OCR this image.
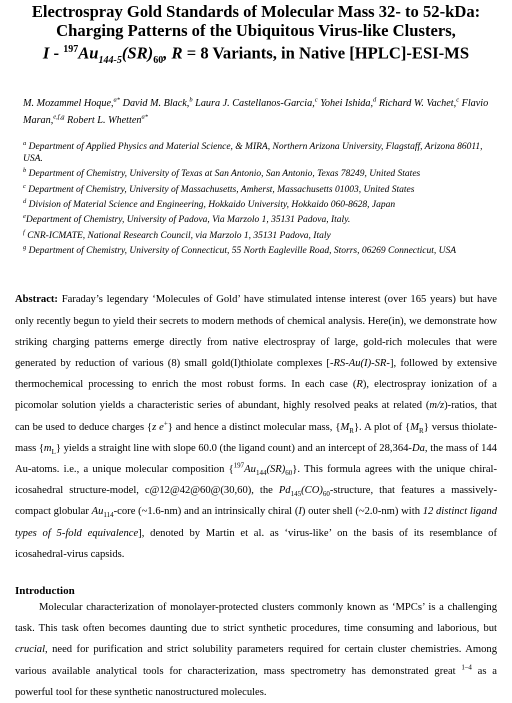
Electrospray Gold Standards of Molecular Mass 32- to 52-kDa:
Charging Patterns of the Ubiquitous Virus-like Clusters,
I - $^{197}Au_{144-5}(SR)_{60}$, R = 8 Variants, in Native [HPLC]-ESI-MS
M. Mozammel Hoque,$^{a*}$ David M. Black,$^b$ Laura J. Castellanos-Garcia,$^c$ Yohei Ishida,$^d$ Richard W. Vachet,$^c$ Flavio Maran,$^{e,f,g}$ Robert L. Whetten$^{a*}$
$^a$ Department of Applied Physics and Material Science, & MIRA, Northern Arizona University, Flagstaff, Arizona 86011, USA.
$^b$ Department of Chemistry, University of Texas at San Antonio, San Antonio, Texas 78249, United States
$^c$ Department of Chemistry, University of Massachusetts, Amherst, Massachusetts 01003, United States
$^d$ Division of Material Science and Engineering, Hokkaido University, Hokkaido 060-8628, Japan
$^e$Department of Chemistry, University of Padova, Via Marzolo 1, 35131 Padova, Italy.
$^f$ CNR-ICMATE, National Research Council, via Marzolo 1, 35131 Padova, Italy
$^g$ Department of Chemistry, University of Connecticut, 55 North Eagleville Road, Storrs, 06269 Connecticut, USA

Abstract: Faraday’s legendary ‘Molecules of Gold’ have stimulated intense interest (over 165 years) but have only recently begun to yield their secrets to modern methods of chemical analysis. Here(in), we demonstrate how striking charging patterns emerge directly from native electrospray of large, gold-rich molecules that were generated by reduction of various (8) small gold(I)thiolate complexes [-RS-Au(I)-SR-], followed by extensive thermochemical processing to enrich the most robust forms. In each case (R), electrospray ionization of a picomolar solution yields a characteristic series of abundant, highly resolved peaks at related (m/z)-ratios, that can be used to deduce charges {z e+} and hence a distinct molecular mass, $\{M_R\}$. A plot of $\{M_R\}$ versus thiolate-mass $\{m_L\}$ yields a straight line with slope 60.0 (the ligand count) and an intercept of 28,364-Da, the mass of 144 Au-atoms. i.e., a unique molecular composition $\{^{197}Au_{144}(SR)_{60}\}$. This formula agrees with the unique chiral-icosahedral structure-model, c@12@42@60@(30,60), the $Pd_{145}(CO)_{60}$-structure, that features a massively-compact globular $Au_{114}$-core (~1.6-nm) and an intrinsically chiral (I) outer shell (~2.0-nm) with 12 distinct ligand types of 5-fold equivalence], denoted by Martin et al. as ‘virus-like’ on the basis of its resemblance of icosahedral-virus capsids.

Introduction

Molecular characterization of monolayer-protected clusters commonly known as ‘MPCs’ is a challenging task. This task often becomes daunting due to strict synthetic procedures, time consuming and laborious, but crucial, need for purification and strict solubility parameters required for certain cluster chemistries. Among various available analytical tools for characterization, mass spectrometry has demonstrated great $^{1-4}$ as a powerful tool for these synthetic nanostructured molecules.
